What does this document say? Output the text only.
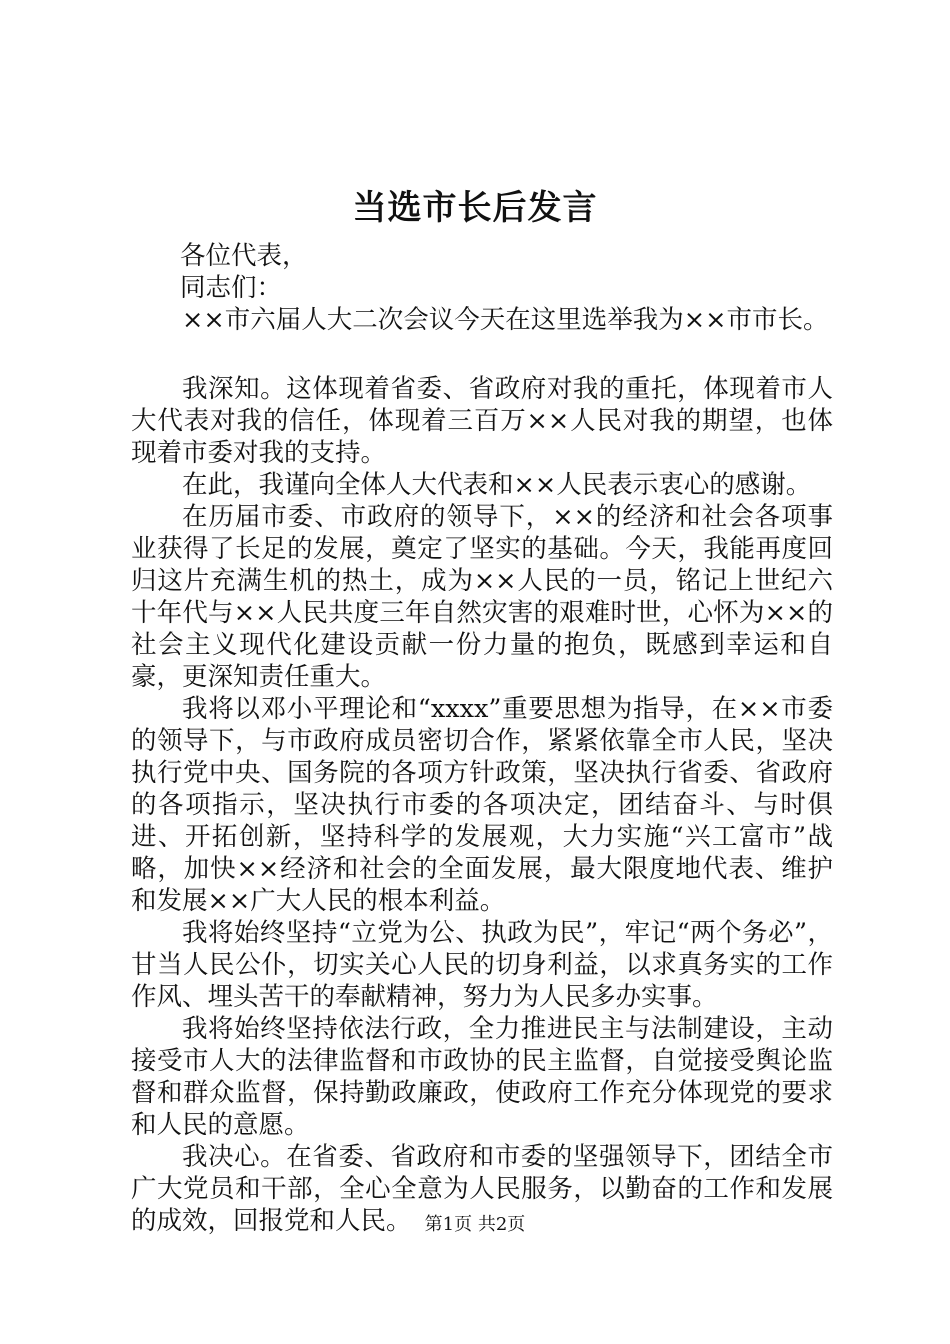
当选市长后发言

各位代表，

同志们：

××市六届人大二次会议今天在这里选举我为××市市长。

我深知。这体现着省委、省政府对我的重托，体现着市人大代表对我的信任，体现着三百万××人民对我的期望，也体现着市委对我的支持。

在此，我谨向全体人大代表和××人民表示衷心的感谢。

在历届市委、市政府的领导下，××的经济和社会各项事业获得了长足的发展，奠定了坚实的基础。今天，我能再度回归这片充满生机的热土，成为××人民的一员，铭记上世纪六十年代与××人民共度三年自然灾害的艰难时世，心怀为××的社会主义现代化建设贡献一份力量的抱负，既感到幸运和自豪，更深知责任重大。

我将以邓小平理论和“xxxx”重要思想为指导，在××市委的领导下，与市政府成员密切合作，紧紧依靠全市人民，坚决执行党中央、国务院的各项方针政策，坚决执行省委、省政府的各项指示，坚决执行市委的各项决定，团结奋斗、与时俱进、开拓创新，坚持科学的发展观，大力实施“兴工富市”战略，加快××经济和社会的全面发展，最大限度地代表、维护和发展××广大人民的根本利益。

我将始终坚持“立党为公、执政为民”，牢记“两个务必”，甘当人民公仆，切实关心人民的切身利益，以求真务实的工作作风、埋头苦干的奉献精神，努力为人民多办实事。

我将始终坚持依法行政，全力推进民主与法制建设，主动接受市人大的法律监督和市政协的民主监督，自觉接受舆论监督和群众监督，保持勤政廉政，使政府工作充分体现党的要求和人民的意愿。

我决心。在省委、省政府和市委的坚强领导下，团结全市广大党员和干部，全心全意为人民服务，以勤奋的工作和发展的成效，回报党和人民。 第1页 共2页
